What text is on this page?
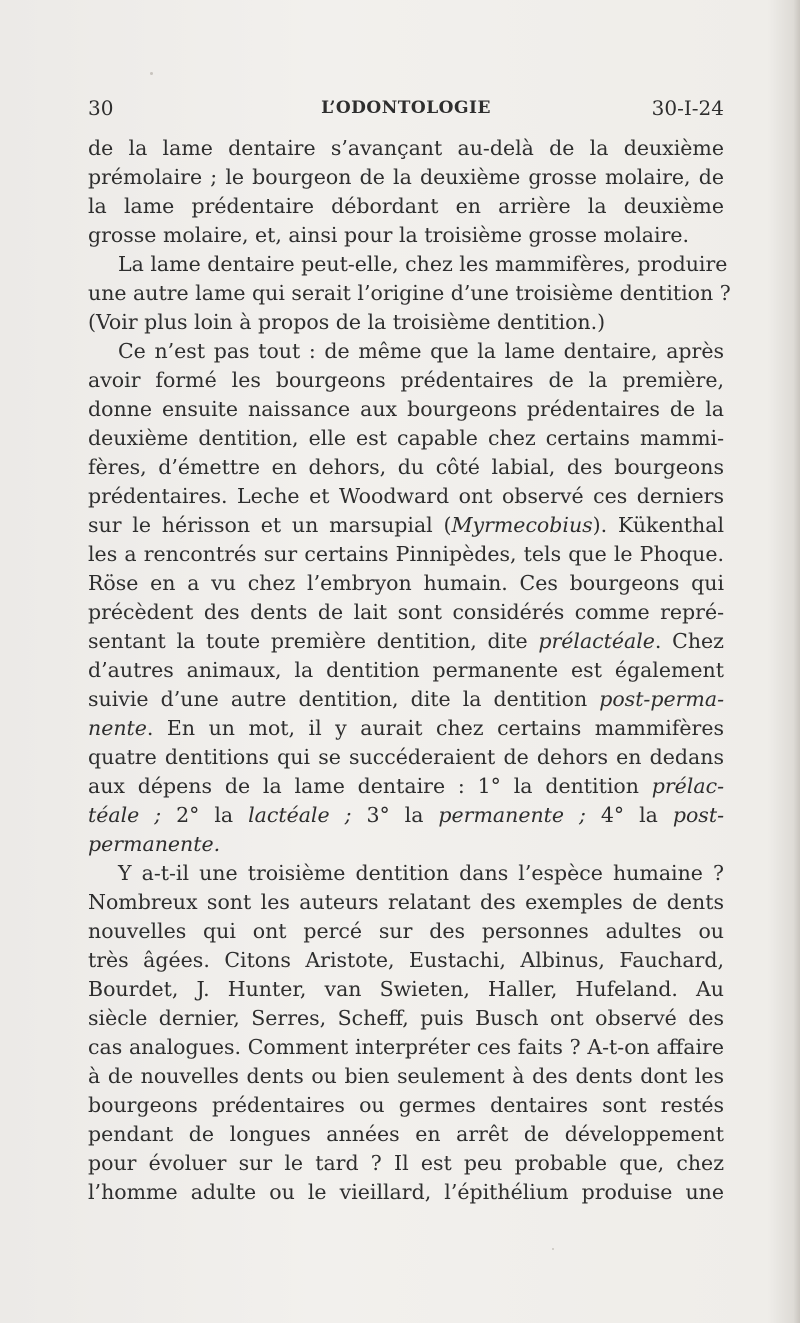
L’ODONTOLOGIE
30	30-I-24
de la lame dentaire s’avançant au-delà de la deuxième
prémolaire ; le bourgeon de la deuxième grosse molaire, de
la lame prédentaire débordant en arrière la deuxième
grosse molaire, et, ainsi pour la troisième grosse molaire.
La lame dentaire peut-elle, chez les mammifères, produire
une autre lame qui serait l’origine d’une troisième dentition ?
(Voir plus loin à propos de la troisième dentition.)
Ce n’est pas tout : de même que la lame dentaire, après
avoir formé les bourgeons prédentaires de la première,
donne ensuite naissance aux bourgeons prédentaires de la
deuxième dentition, elle est capable chez certains mammi-
fères, d’émettre en dehors, du côté labial, des bourgeons
prédentaires. Leche et Woodward ont observé ces derniers
sur le hérisson et un marsupial (Myrmecobius). Kükenthal
les a rencontrés sur certains Pinnipèdes, tels que le Phoque.
Röse en a vu chez l’embryon humain. Ces bourgeons qui
précèdent des dents de lait sont considérés comme repré-
sentant la toute première dentition, dite prélactéale. Chez
d’autres animaux, la dentition permanente est également
suivie d’une autre dentition, dite la dentition post-perma-
nente. En un mot, il y aurait chez certains mammifères
quatre dentitions qui se succéderaient de dehors en dedans
aux dépens de la lame dentaire : 1° la dentition prélac-
téale ; 2° la lactéale ; 3° la permanente ; 4° la post-
permanente.
Y a-t-il une troisième dentition dans l’espèce humaine ?
Nombreux sont les auteurs relatant des exemples de dents
nouvelles qui ont percé sur des personnes adultes ou
très âgées. Citons Aristote, Eustachi, Albinus, Fauchard,
Bourdet, J. Hunter, van Swieten, Haller, Hufeland. Au
siècle dernier, Serres, Scheff, puis Busch ont observé des
cas analogues. Comment interpréter ces faits ? A-t-on affaire
à de nouvelles dents ou bien seulement à des dents dont les
bourgeons prédentaires ou germes dentaires sont restés
pendant de longues années en arrêt de développement
pour évoluer sur le tard ? Il est peu probable que, chez
l’homme adulte ou le vieillard, l’épithélium produise une
